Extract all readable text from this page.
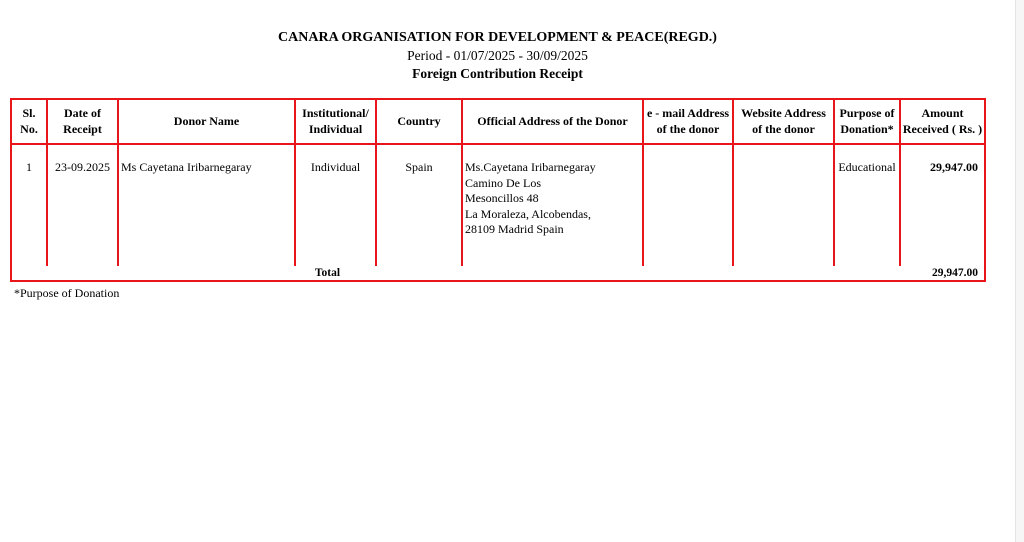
CANARA ORGANISATION FOR DEVELOPMENT & PEACE(REGD.)
Period - 01/07/2025 - 30/09/2025
Foreign Contribution Receipt
Sl. No.	Date of Receipt	Donor Name	Institutional/ Individual	Country	Official Address of the Donor	e - mail Address of the donor	Website Address of the donor	Purpose of Donation*	Amount Received ( Rs. )
1	23-09.2025	Ms Cayetana Iribarnegaray	Individual	Spain	Ms.Cayetana Iribarnegaray
Camino De Los
Mesoncillos 48
La Moraleza, Alcobendas,
28109 Madrid Spain			Educational	29,947.00
Total									29,947.00
*Purpose of Donation
